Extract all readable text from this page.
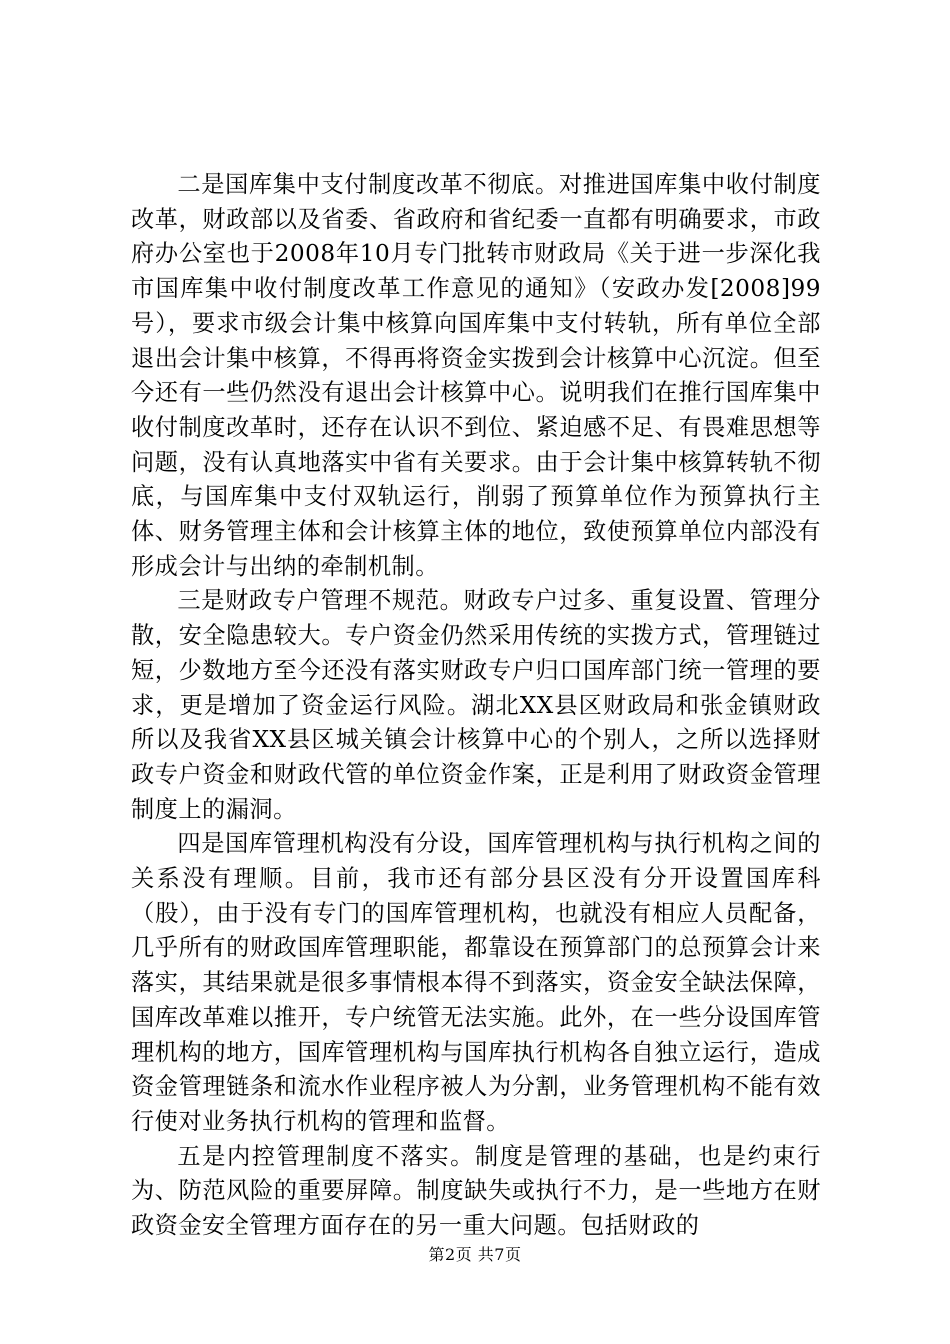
二是国库集中支付制度改革不彻底。对推进国库集中收付制度改革，财政部以及省委、省政府和省纪委一直都有明确要求，市政府办公室也于2008年10月专门批转市财政局《关于进一步深化我市国库集中收付制度改革工作意见的通知》（安政办发[2008]99号），要求市级会计集中核算向国库集中支付转轨，所有单位全部退出会计集中核算，不得再将资金实拨到会计核算中心沉淀。但至今还有一些仍然没有退出会计核算中心。说明我们在推行国库集中收付制度改革时，还存在认识不到位、紧迫感不足、有畏难思想等问题，没有认真地落实中省有关要求。由于会计集中核算转轨不彻底，与国库集中支付双轨运行，削弱了预算单位作为预算执行主体、财务管理主体和会计核算主体的地位，致使预算单位内部没有形成会计与出纳的牵制机制。

三是财政专户管理不规范。财政专户过多、重复设置、管理分散，安全隐患较大。专户资金仍然采用传统的实拨方式，管理链过短，少数地方至今还没有落实财政专户归口国库部门统一管理的要求，更是增加了资金运行风险。湖北XX县区财政局和张金镇财政所以及我省XX县区城关镇会计核算中心的个别人，之所以选择财政专户资金和财政代管的单位资金作案，正是利用了财政资金管理制度上的漏洞。

四是国库管理机构没有分设，国库管理机构与执行机构之间的关系没有理顺。目前，我市还有部分县区没有分开设置国库科（股），由于没有专门的国库管理机构，也就没有相应人员配备，几乎所有的财政国库管理职能，都靠设在预算部门的总预算会计来落实，其结果就是很多事情根本得不到落实，资金安全缺法保障，国库改革难以推开，专户统管无法实施。此外，在一些分设国库管理机构的地方，国库管理机构与国库执行机构各自独立运行，造成资金管理链条和流水作业程序被人为分割，业务管理机构不能有效行使对业务执行机构的管理和监督。

五是内控管理制度不落实。制度是管理的基础，也是约束行为、防范风险的重要屏障。制度缺失或执行不力，是一些地方在财政资金安全管理方面存在的另一重大问题。包括财政的

第2页 共7页
